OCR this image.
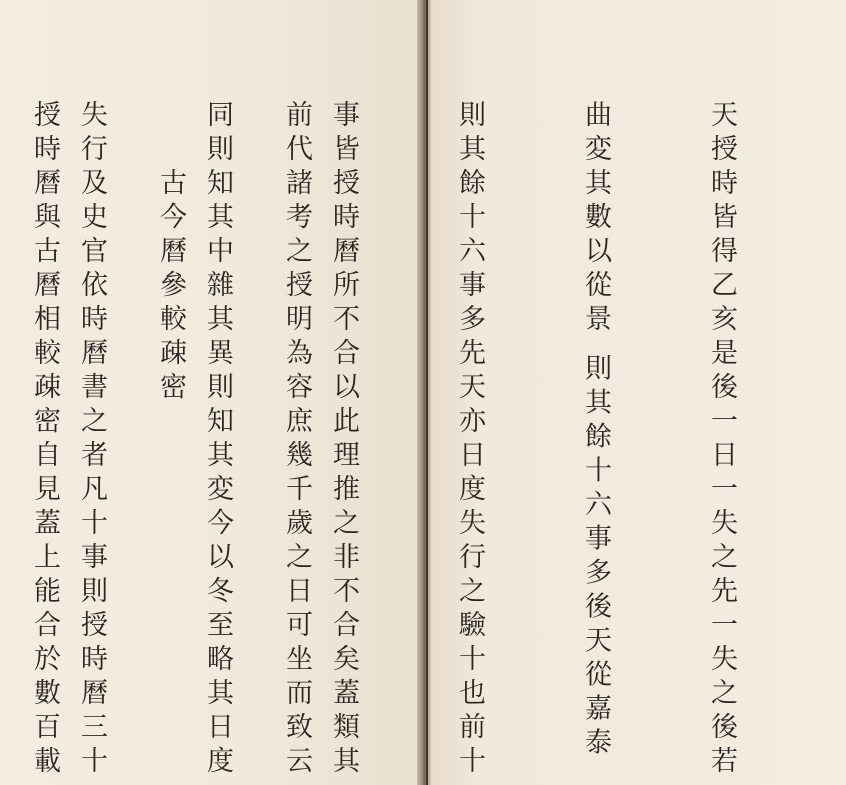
前代諸考之授明為容庶幾千歲之日可坐而致云

古今曆參較疎密

授時曆與古曆相較疎密自見蓋上能合於數百載

	天授時皆得乙亥是後一日一失之先一失之後若

曲変其數以從景 則其餘十六事多後天從嘉泰

則其餘十六事多先天亦日度失行之驗十也前十

事皆授時曆所不合以此理推之非不合矣蓋類其

同則知其中雜其異則知其変今以冬至略其日度

失行及史官依時曆書之者凡十事則授時曆三十
